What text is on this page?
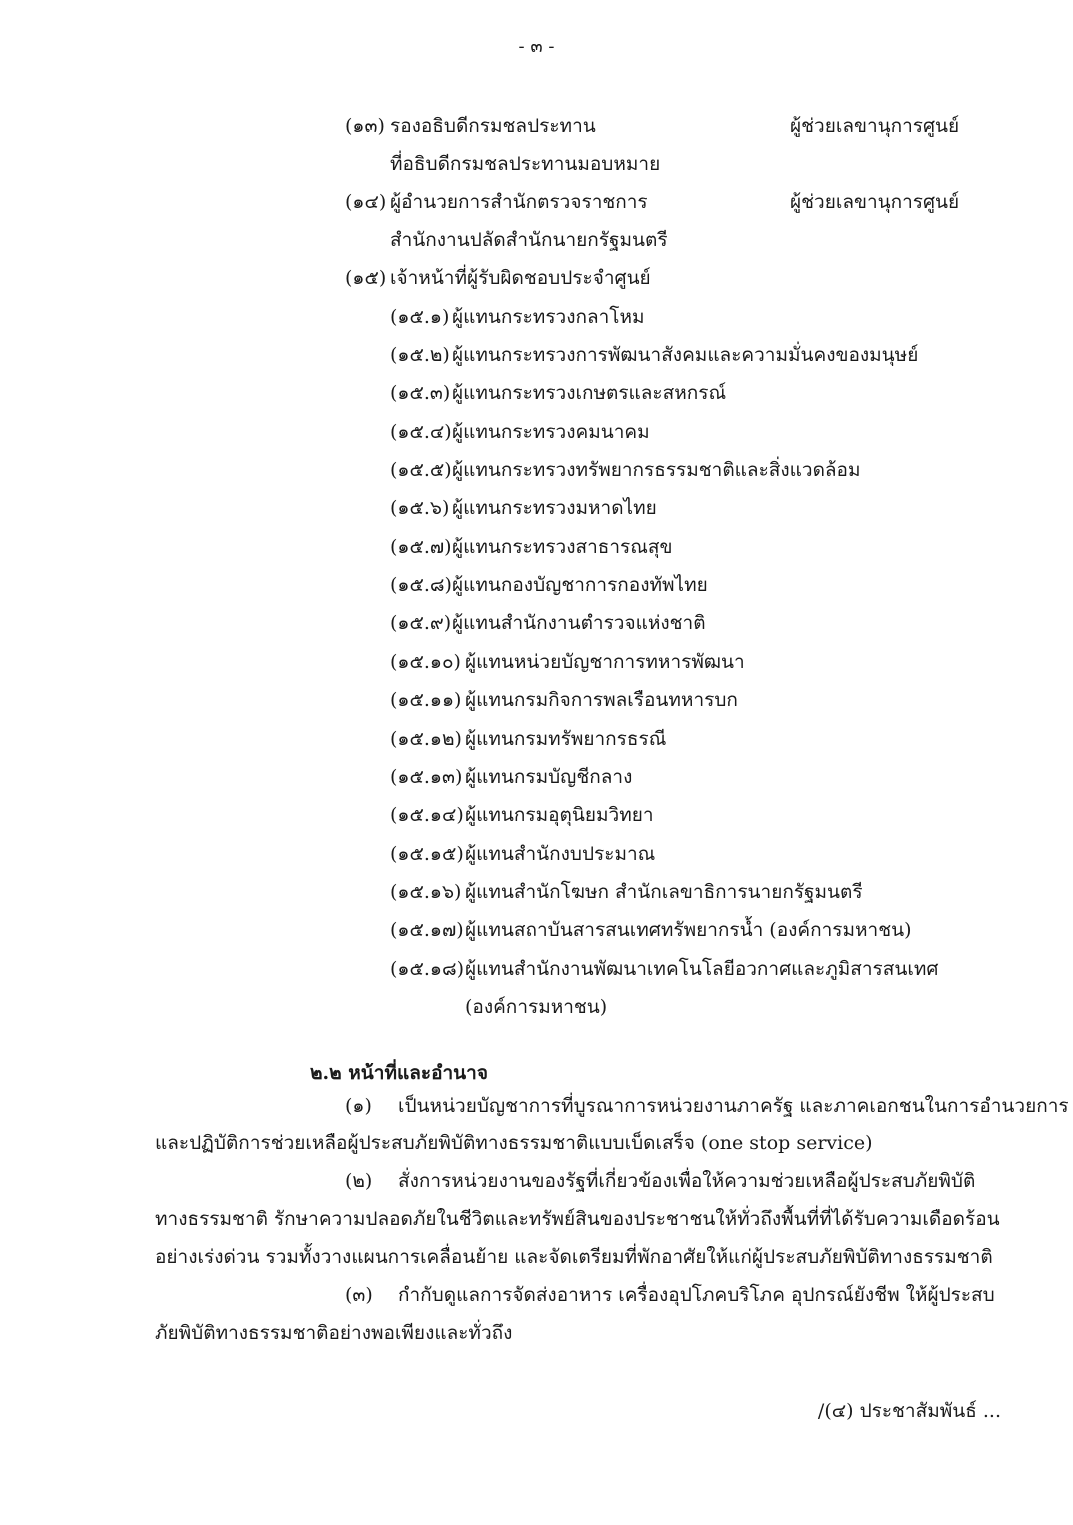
- ๓ -
(๑๓) รองอธิบดีกรมชลประทาน	ผู้ช่วยเลขานุการศูนย์
ที่อธิบดีกรมชลประทานมอบหมาย
(๑๔) ผู้อำนวยการสำนักตรวจราชการ	ผู้ช่วยเลขานุการศูนย์
สำนักงานปลัดสำนักนายกรัฐมนตรี
(๑๕) เจ้าหน้าที่ผู้รับผิดชอบประจำศูนย์
(๑๕.๑) ผู้แทนกระทรวงกลาโหม
(๑๕.๒) ผู้แทนกระทรวงการพัฒนาสังคมและความมั่นคงของมนุษย์
(๑๕.๓) ผู้แทนกระทรวงเกษตรและสหกรณ์
(๑๕.๔) ผู้แทนกระทรวงคมนาคม
(๑๕.๕) ผู้แทนกระทรวงทรัพยากรธรรมชาติและสิ่งแวดล้อม
(๑๕.๖) ผู้แทนกระทรวงมหาดไทย
(๑๕.๗) ผู้แทนกระทรวงสาธารณสุข
(๑๕.๘) ผู้แทนกองบัญชาการกองทัพไทย
(๑๕.๙) ผู้แทนสำนักงานตำรวจแห่งชาติ
(๑๕.๑๐) ผู้แทนหน่วยบัญชาการทหารพัฒนา
(๑๕.๑๑) ผู้แทนกรมกิจการพลเรือนทหารบก
(๑๕.๑๒) ผู้แทนกรมทรัพยากรธรณี
(๑๕.๑๓) ผู้แทนกรมบัญชีกลาง
(๑๕.๑๔) ผู้แทนกรมอุตุนิยมวิทยา
(๑๕.๑๕) ผู้แทนสำนักงบประมาณ
(๑๕.๑๖) ผู้แทนสำนักโฆษก สำนักเลขาธิการนายกรัฐมนตรี
(๑๕.๑๗) ผู้แทนสถาบันสารสนเทศทรัพยากรน้ำ (องค์การมหาชน)
(๑๕.๑๘) ผู้แทนสำนักงานพัฒนาเทคโนโลยีอวกาศและภูมิสารสนเทศ
(องค์การมหาชน)
๒.๒ หน้าที่และอำนาจ
(๑) เป็นหน่วยบัญชาการที่บูรณาการหน่วยงานภาครัฐ และภาคเอกชนในการอำนวยการ
และปฏิบัติการช่วยเหลือผู้ประสบภัยพิบัติทางธรรมชาติแบบเบ็ดเสร็จ (one stop service)
(๒) สั่งการหน่วยงานของรัฐที่เกี่ยวข้องเพื่อให้ความช่วยเหลือผู้ประสบภัยพิบัติ
ทางธรรมชาติ รักษาความปลอดภัยในชีวิตและทรัพย์สินของประชาชนให้ทั่วถึงพื้นที่ที่ได้รับความเดือดร้อน
อย่างเร่งด่วน รวมทั้งวางแผนการเคลื่อนย้าย และจัดเตรียมที่พักอาศัยให้แก่ผู้ประสบภัยพิบัติทางธรรมชาติ
(๓) กำกับดูแลการจัดส่งอาหาร เครื่องอุปโภคบริโภค อุปกรณ์ยังชีพ ให้ผู้ประสบ
ภัยพิบัติทางธรรมชาติอย่างพอเพียงและทั่วถึง
/(๔) ประชาสัมพันธ์ ...
